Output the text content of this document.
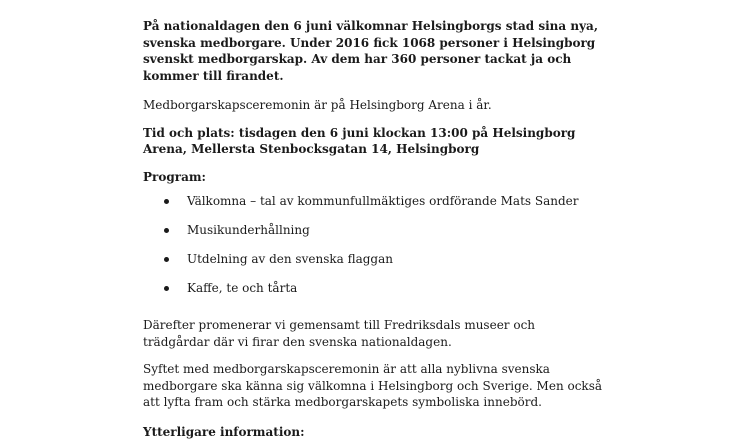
På nationaldagen den 6 juni välkomnar Helsingborgs stad sina nya, svenska medborgare. Under 2016 fick 1068 personer i Helsingborg svenskt medborgarskap. Av dem har 360 personer tackat ja och kommer till firandet.

Medborgarskapsceremonin är på Helsingborg Arena i år.

Tid och plats: tisdagen den 6 juni klockan 13:00 på Helsingborg Arena, Mellersta Stenbocksgatan 14, Helsingborg

Program:

Välkomna – tal av kommunfullmäktiges ordförande Mats Sander
Musikunderhållning
Utdelning av den svenska flaggan
Kaffe, te och tårta

Därefter promenerar vi gemensamt till Fredriksdals museer och trädgårdar där vi firar den svenska nationaldagen.

Syftet med medborgarskapsceremonin är att alla nyblivna svenska medborgare ska känna sig välkomna i Helsingborg och Sverige. Men också att lyfta fram och stärka medborgarskapets symboliska innebörd.

Ytterligare information:
